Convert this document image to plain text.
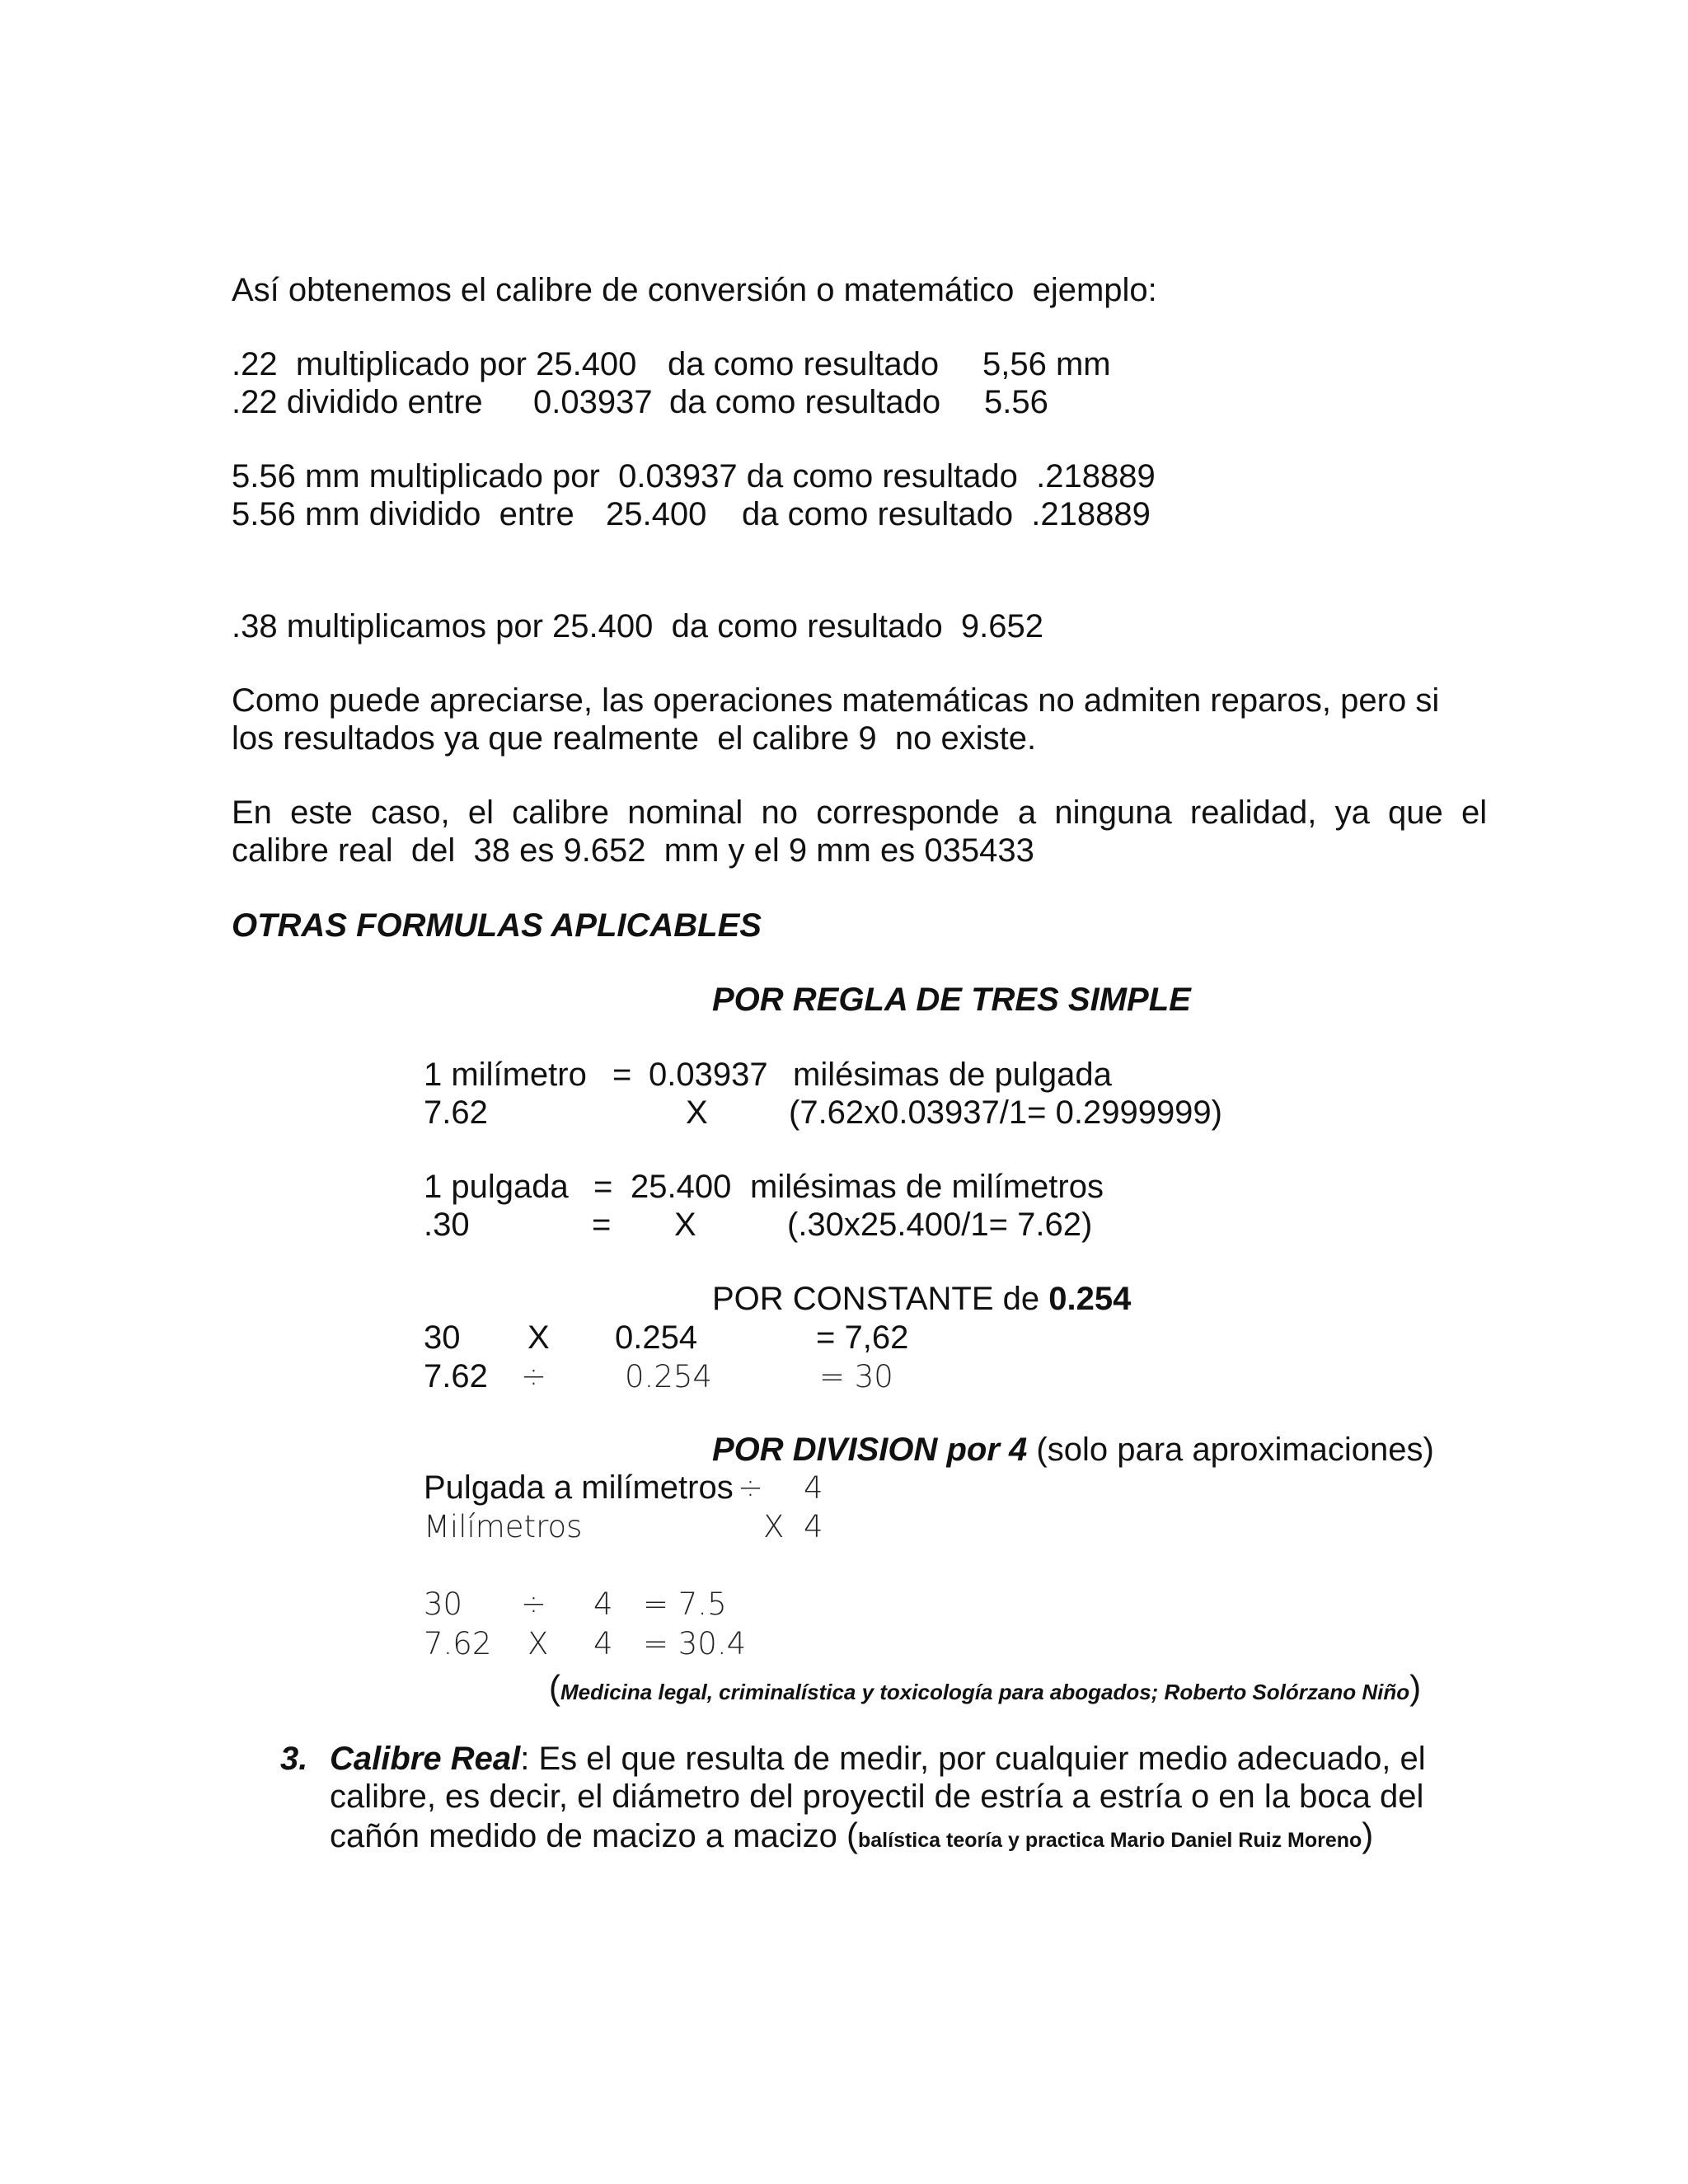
Así obtenemos el calibre de conversión o matemático  ejemplo:
.22  multiplicado por 25.400 da como resultado 5,56 mm
.22 dividido entre 0.03937 da como resultado 5.56
5.56 mm multiplicado por  0.03937 da como resultado  .218889
5.56 mm dividido  entre 25.400 da como resultado  .218889
.38 multiplicamos por 25.400  da como resultado  9.652
Como puede apreciarse, las operaciones matemáticas no admiten reparos, pero si
los resultados ya que realmente  el calibre 9  no existe.
En  este  caso,  el  calibre  nominal  no  corresponde  a  ninguna  realidad,  ya  que  el
calibre real  del  38 es 9.652  mm y el 9 mm es 035433
OTRAS FORMULAS APLICABLES
POR REGLA DE TRES SIMPLE
1 milímetro = 0.03937 milésimas de pulgada
7.62	X (7.62x0.03937/1= 0.2999999)
1 pulgada = 25.400 milésimas de milímetros
.30	= X	(.30x25.400/1= 7.62)
POR CONSTANTE de 0.254
30 X 0.254	= 7,62
7.62 ÷	0.254	= 30
POR DIVISION por 4 (solo para aproximaciones)
Pulgada a milímetros ÷ 4
Milímetros	X 4
30 ÷ 4 = 7.5
7.62 X 4 = 30.4
(Medicina legal, criminalística y toxicología para abogados; Roberto Solórzano Niño)
3. Calibre Real: Es el que resulta de medir, por cualquier medio adecuado, el
calibre, es decir, el diámetro del proyectil de estría a estría o en la boca del
cañón medido de macizo a macizo (balística teoría y practica Mario Daniel Ruiz Moreno)
